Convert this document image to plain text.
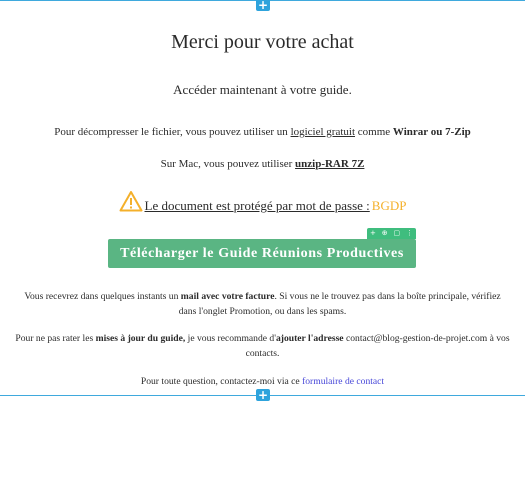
+
Merci pour votre achat
Accéder maintenant à votre guide.
Pour décompresser le fichier, vous pouvez utiliser un logiciel gratuit comme Winrar ou 7-Zip
Sur Mac, vous pouvez utiliser unzip-RAR 7Z
Le document est protégé par mot de passe : BGDP
+ ⊕ ▢ ⋮
Télécharger le Guide Réunions Productives
Vous recevrez dans quelques instants un mail avec votre facture. Si vous ne le trouvez pas dans la boîte principale, vérifiez dans l'onglet Promotion, ou dans les spams.
Pour ne pas rater les mises à jour du guide, je vous recommande d'ajouter l'adresse contact@blog-gestion-de-projet.com à vos contacts.
Pour toute question, contactez-moi via ce formulaire de contact
+
